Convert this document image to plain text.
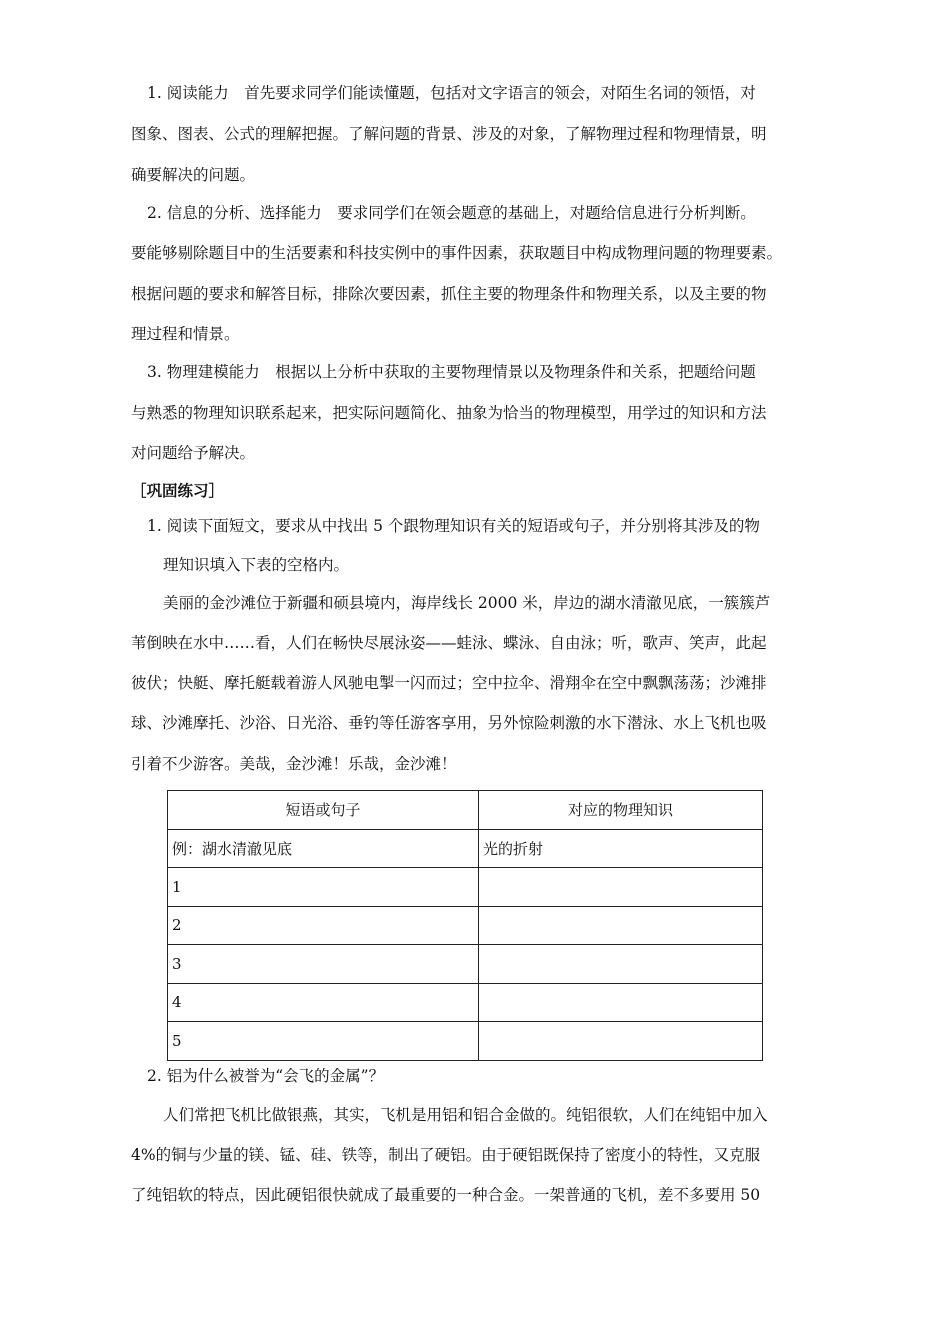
1. 阅读能力　首先要求同学们能读懂题，包括对文字语言的领会，对陌生名词的领悟，对
图象、图表、公式的理解把握。了解问题的背景、涉及的对象，了解物理过程和物理情景，明
确要解决的问题。
2. 信息的分析、选择能力　要求同学们在领会题意的基础上，对题给信息进行分析判断。
要能够剔除题目中的生活要素和科技实例中的事件因素，获取题目中构成物理问题的物理要素。
根据问题的要求和解答目标，排除次要因素，抓住主要的物理条件和物理关系，以及主要的物
理过程和情景。
3. 物理建模能力　根据以上分析中获取的主要物理情景以及物理条件和关系，把题给问题
与熟悉的物理知识联系起来，把实际问题简化、抽象为恰当的物理模型，用学过的知识和方法
对问题给予解决。
［巩固练习］
1. 阅读下面短文，要求从中找出 5 个跟物理知识有关的短语或句子，并分别将其涉及的物
理知识填入下表的空格内。
美丽的金沙滩位于新疆和硕县境内，海岸线长 2000 米，岸边的湖水清澈见底，一簇簇芦
苇倒映在水中……看，人们在畅快尽展泳姿——蛙泳、蝶泳、自由泳；听，歌声、笑声，此起
彼伏；快艇、摩托艇载着游人风驰电掣一闪而过；空中拉伞、滑翔伞在空中飘飘荡荡；沙滩排
球、沙滩摩托、沙浴、日光浴、垂钓等任游客享用，另外惊险刺激的水下潜泳、水上飞机也吸
引着不少游客。美哉，金沙滩！乐哉，金沙滩！
短语或句子	对应的物理知识
例：湖水清澈见底	光的折射
1	
2	
3	
4	
5	
2. 铝为什么被誉为“会飞的金属”？
人们常把飞机比做银燕，其实，飞机是用铝和铝合金做的。纯铝很软，人们在纯铝中加入
4%的铜与少量的镁、锰、硅、铁等，制出了硬铝。由于硬铝既保持了密度小的特性，又克服
了纯铝软的特点，因此硬铝很快就成了最重要的一种合金。一架普通的飞机，差不多要用 50
